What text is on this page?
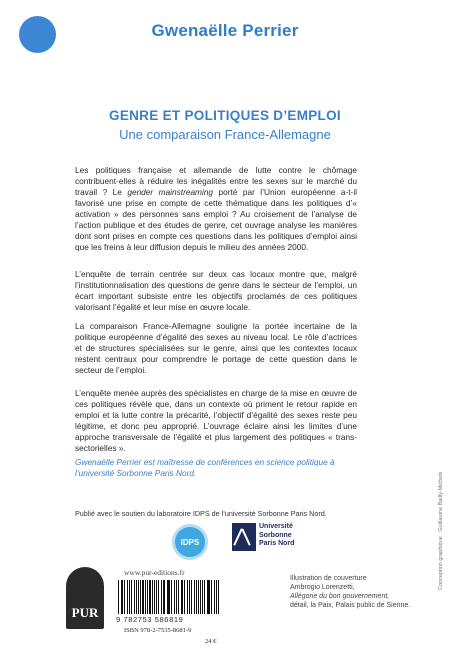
Gwenaëlle Perrier
GENRE ET POLITIQUES D’EMPLOI
Une comparaison France-Allemagne

Les politiques française et allemande de lutte contre le chômage contribuent-elles à réduire les inégalités entre les sexes sur le marché du travail ? Le gender mainstreaming porté par l’Union européenne a-t-il favorisé une prise en compte de cette thématique dans les politiques d’« activation » des personnes sans emploi ? Au croisement de l’analyse de l’action publique et des études de genre, cet ouvrage analyse les manières dont sont prises en compte ces questions dans les politiques d’emploi ainsi que les freins à leur diffusion depuis le milieu des années 2000.

L’enquête de terrain centrée sur deux cas locaux montre que, malgré l’institutionnalisation des questions de genre dans le secteur de l’emploi, un écart important subsiste entre les objectifs proclamés de ces politiques valorisant l’égalité et leur mise en œuvre locale.

La comparaison France-Allemagne souligne la portée incertaine de la politique européenne d’égalité des sexes au niveau local. Le rôle d’actrices et de structures spécialisées sur le genre, ainsi que les contextes locaux restent centraux pour comprendre le portage de cette question dans le secteur de l’emploi.

L’enquête menée auprès des spécialistes en charge de la mise en œuvre de ces politiques révèle que, dans un contexte où priment le retour rapide en emploi et la lutte contre la précarité, l’objectif d’égalité des sexes reste peu légitime, et donc peu approprié. L’ouvrage éclaire ainsi les limites d’une approche transversale de l’égalité et plus largement des politiques « trans-sectorielles ».

Gwenaëlle Perrier est maîtresse de conférences en science politique à l’université Sorbonne Paris Nord.

Publié avec le soutien du laboratoire IDPS de l’université Sorbonne Paris Nord.
IDPS
Université
Sorbonne
Paris Nord
PUR
www.pur-editions.fr
9 782753 586819
ISBN 978-2-7535-8681-9
24 €
Illustration de couverture
Ambrogio Lorenzetti,
Allégorie du bon gouvernement,
détail, la Paix, Palais public de Sienne.
Conception graphique : Guillaume Bailly-Michels
